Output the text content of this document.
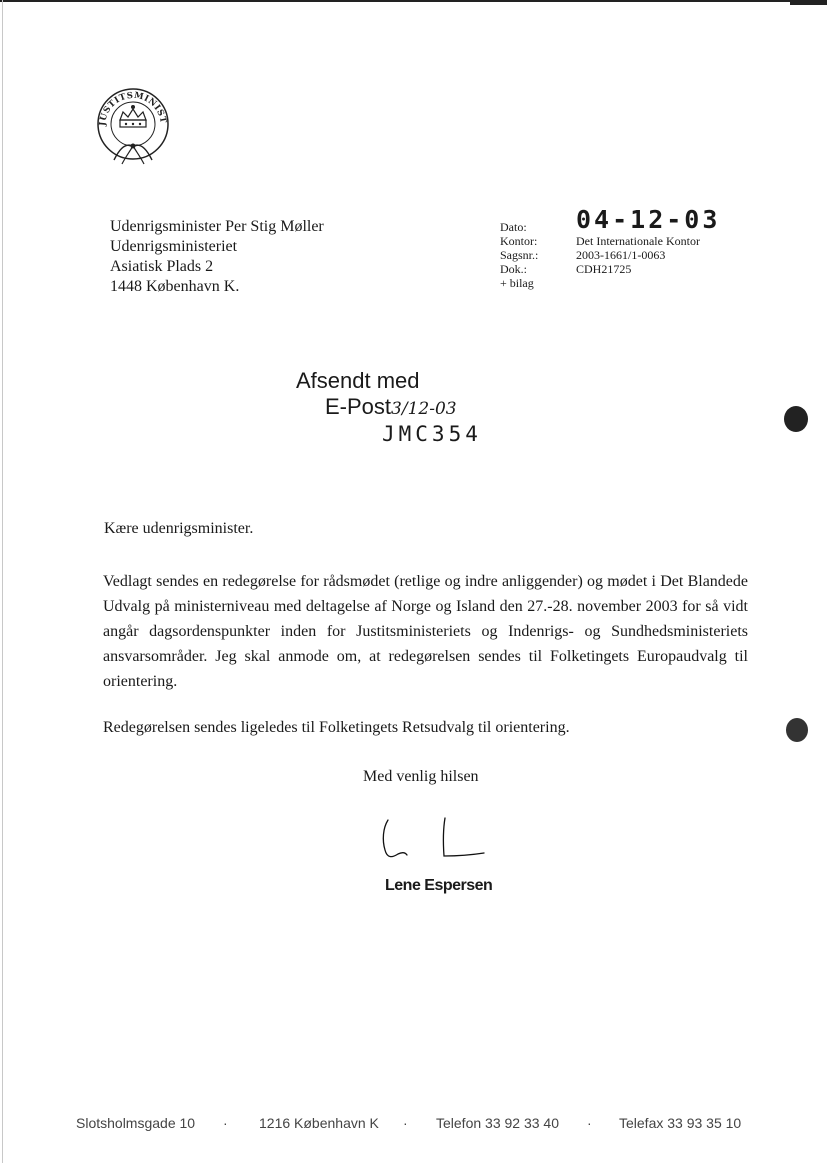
JUSTITSMINIST
Udenrigsminister Per Stig Møller
Udenrigsministeriet
Asiatisk Plads 2
1448 København K.
Dato: 04-12-03
Kontor:	Det Internationale Kontor
Sagsnr.:	2003-1661/1-0063
Dok.:	CDH21725
+ bilag
Afsendt med
E-Post3/12-03
JMC354
Kære udenrigsminister.
Vedlagt sendes en redegørelse for rådsmødet (retlige og indre anliggender) og mødet i Det Blandede Udvalg på ministerniveau med deltagelse af Norge og Island den 27.-28. november 2003 for så vidt angår dagsordenspunkter inden for Justitsministeriets og Indenrigs- og Sundhedsministeriets ansvarsområder. Jeg skal anmode om, at redegørelsen sendes til Folketingets Europaudvalg til orientering.
Redegørelsen sendes ligeledes til Folketingets Retsudvalg til orientering.
Med venlig hilsen
Lene Espersen
Slotsholmsgade 10 · 1216 København K · Telefon 33 92 33 40 · Telefax 33 93 35 10
